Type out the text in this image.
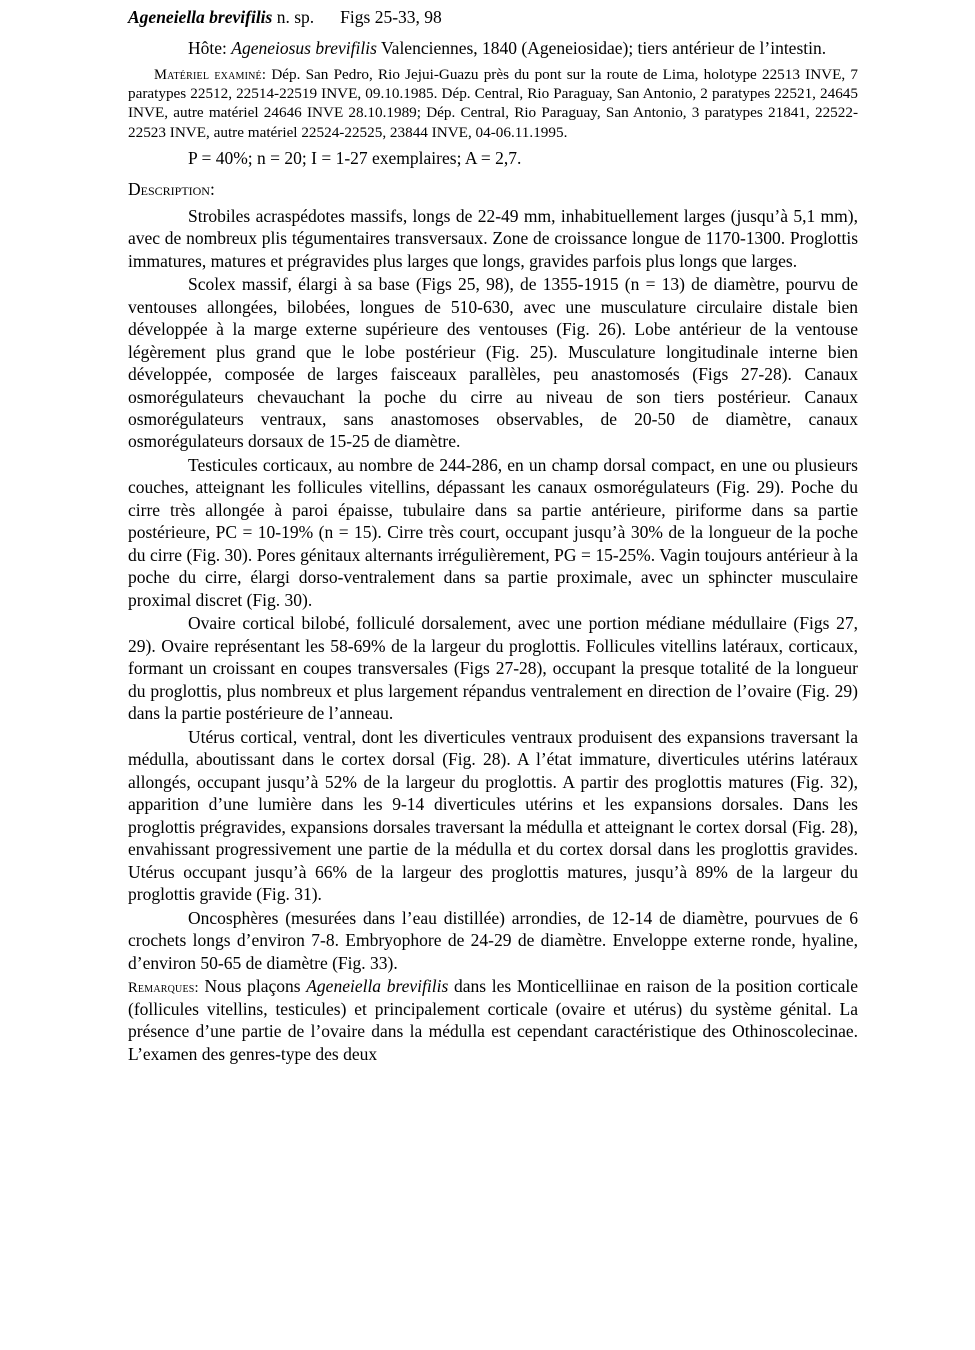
Ageneiella brevifilis n. sp. Figs 25-33, 98

Hôte: Ageneiosus brevifilis Valenciennes, 1840 (Ageneiosidae); tiers antérieur de l’intestin.

Matériel examiné: Dép. San Pedro, Rio Jejui-Guazu près du pont sur la route de Lima, holotype 22513 INVE, 7 paratypes 22512, 22514-22519 INVE, 09.10.1985. Dép. Central, Rio Paraguay, San Antonio, 2 paratypes 22521, 24645 INVE, autre matériel 24646 INVE 28.10.1989; Dép. Central, Rio Paraguay, San Antonio, 3 paratypes 21841, 22522-22523 INVE, autre matériel 22524-22525, 23844 INVE, 04-06.11.1995.

P = 40%; n = 20; I = 1-27 exemplaires; A = 2,7.

Description:

Strobiles acraspédotes massifs, longs de 22-49 mm, inhabituellement larges (jusqu’à 5,1 mm), avec de nombreux plis tégumentaires transversaux. Zone de croissance longue de 1170-1300. Proglottis immatures, matures et prégravides plus larges que longs, gravides parfois plus longs que larges.

Scolex massif, élargi à sa base (Figs 25, 98), de 1355-1915 (n = 13) de diamètre, pourvu de ventouses allongées, bilobées, longues de 510-630, avec une musculature circulaire distale bien développée à la marge externe supérieure des ventouses (Fig. 26). Lobe antérieur de la ventouse légèrement plus grand que le lobe postérieur (Fig. 25). Musculature longitudinale interne bien développée, composée de larges faisceaux parallèles, peu anastomosés (Figs 27-28). Canaux osmorégulateurs chevauchant la poche du cirre au niveau de son tiers postérieur. Canaux osmorégulateurs ventraux, sans anastomoses observables, de 20-50 de diamètre, canaux osmorégulateurs dorsaux de 15-25 de diamètre.

Testicules corticaux, au nombre de 244-286, en un champ dorsal compact, en une ou plusieurs couches, atteignant les follicules vitellins, dépassant les canaux osmorégulateurs (Fig. 29). Poche du cirre très allongée à paroi épaisse, tubulaire dans sa partie antérieure, piriforme dans sa partie postérieure, PC = 10-19% (n = 15). Cirre très court, occupant jusqu’à 30% de la longueur de la poche du cirre (Fig. 30). Pores génitaux alternants irrégulièrement, PG = 15-25%. Vagin toujours antérieur à la poche du cirre, élargi dorso-ventralement dans sa partie proximale, avec un sphincter musculaire proximal discret (Fig. 30).

Ovaire cortical bilobé, folliculé dorsalement, avec une portion médiane médullaire (Figs 27, 29). Ovaire représentant les 58-69% de la largeur du proglottis. Follicules vitellins latéraux, corticaux, formant un croissant en coupes transversales (Figs 27-28), occupant la presque totalité de la longueur du proglottis, plus nombreux et plus largement répandus ventralement en direction de l’ovaire (Fig. 29) dans la partie postérieure de l’anneau.

Utérus cortical, ventral, dont les diverticules ventraux produisent des expansions traversant la médulla, aboutissant dans le cortex dorsal (Fig. 28). A l’état immature, diverticules utérins latéraux allongés, occupant jusqu’à 52% de la largeur du proglottis. A partir des proglottis matures (Fig. 32), apparition d’une lumière dans les 9-14 diverticules utérins et les expansions dorsales. Dans les proglottis prégravides, expansions dorsales traversant la médulla et atteignant le cortex dorsal (Fig. 28), envahissant progressivement une partie de la médulla et du cortex dorsal dans les proglottis gravides. Utérus occupant jusqu’à 66% de la largeur des proglottis matures, jusqu’à 89% de la largeur du proglottis gravide (Fig. 31).

Oncosphères (mesurées dans l’eau distillée) arrondies, de 12-14 de diamètre, pourvues de 6 crochets longs d’environ 7-8. Embryophore de 24-29 de diamètre. Enveloppe externe ronde, hyaline, d’environ 50-65 de diamètre (Fig. 33).

Remarques: Nous plaçons Ageneiella brevifilis dans les Monticelliinae en raison de la position corticale (follicules vitellins, testicules) et principalement corticale (ovaire et utérus) du système génital. La présence d’une partie de l’ovaire dans la médulla est cependant caractéristique des Othinoscolecinae. L’examen des genres-type des deux
